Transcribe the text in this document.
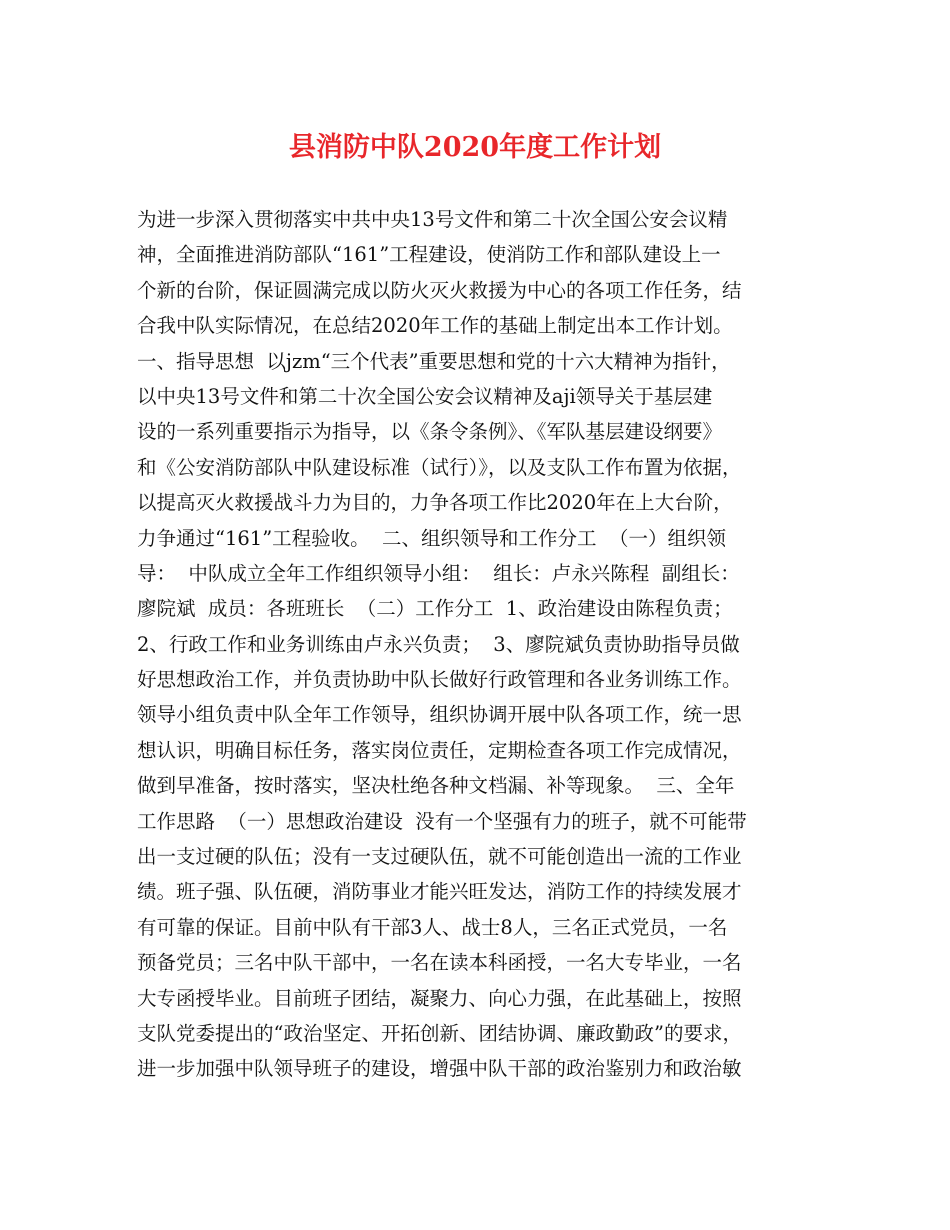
县消防中队2020年度工作计划
为进一步深入贯彻落实中共中央13号文件和第二十次全国公安会议精
神，全面推进消防部队“161”工程建设，使消防工作和部队建设上一
个新的台阶，保证圆满完成以防火灭火救援为中心的各项工作任务，结
合我中队实际情况，在总结2020年工作的基础上制定出本工作计划。
一、指导思想  以jzm“三个代表”重要思想和党的十六大精神为指针，
以中央13号文件和第二十次全国公安会议精神及aji领导关于基层建
设的一系列重要指示为指导，以《条令条例》、《军队基层建设纲要》
和《公安消防部队中队建设标准（试行）》，以及支队工作布置为依据，
以提高灭火救援战斗力为目的，力争各项工作比2020年在上大台阶，
力争通过“161”工程验收。  二、组织领导和工作分工  （一）组织领
导：  中队成立全年工作组织领导小组：  组长：卢永兴陈程  副组长：
廖院斌  成员：各班班长  （二）工作分工  1、政治建设由陈程负责；
2、行政工作和业务训练由卢永兴负责；  3、廖院斌负责协助指导员做
好思想政治工作，并负责协助中队长做好行政管理和各业务训练工作。
领导小组负责中队全年工作领导，组织协调开展中队各项工作，统一思
想认识，明确目标任务，落实岗位责任，定期检查各项工作完成情况，
做到早准备，按时落实，坚决杜绝各种文档漏、补等现象。  三、全年
工作思路  （一）思想政治建设  没有一个坚强有力的班子，就不可能带
出一支过硬的队伍；没有一支过硬队伍，就不可能创造出一流的工作业
绩。班子强、队伍硬，消防事业才能兴旺发达，消防工作的持续发展才
有可靠的保证。目前中队有干部3人、战士8人，三名正式党员，一名
预备党员；三名中队干部中，一名在读本科函授，一名大专毕业，一名
大专函授毕业。目前班子团结，凝聚力、向心力强，在此基础上，按照
支队党委提出的“政治坚定、开拓创新、团结协调、廉政勤政”的要求，
进一步加强中队领导班子的建设，增强中队干部的政治鉴别力和政治敏
